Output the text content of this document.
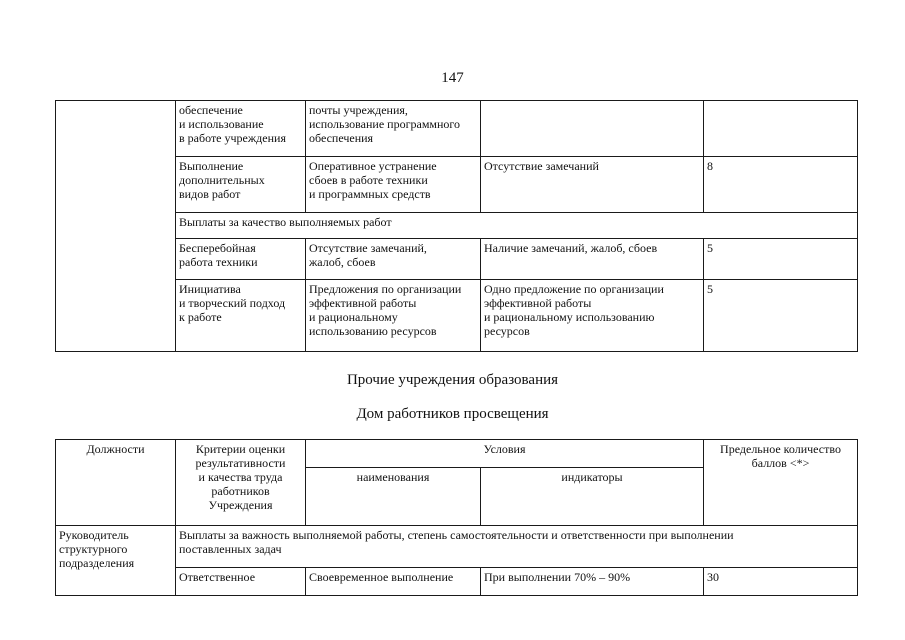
147
	обеспечение
и использование
в работе учреждения	почты учреждения,
использование программного
обеспечения		
	Выполнение
дополнительных
видов работ	Оперативное устранение
сбоев в работе техники
и программных средств	Отсутствие замечаний	8
	Выплаты за качество выполняемых работ			
	Бесперебойная
работа техники	Отсутствие замечаний,
жалоб, сбоев	Наличие замечаний, жалоб, сбоев	5
	Инициатива
и творческий подход
к работе	Предложения по организации
эффективной работы
и рациональному
использованию ресурсов	Одно предложение по организации
эффективной работы
и рациональному использованию
ресурсов	5
Прочие учреждения образования
Дом работников просвещения
Должности	Критерии оценки
результативности
и качества труда
работников
Учреждения	Условия		Предельное количество
баллов <*>
		наименования	индикаторы	
Руководитель
структурного
подразделения	Выплаты за важность выполняемой работы, степень самостоятельности и ответственности при выполнении
поставленных задач			
	Ответственное	Своевременное выполнение	При выполнении 70% – 90%	30
